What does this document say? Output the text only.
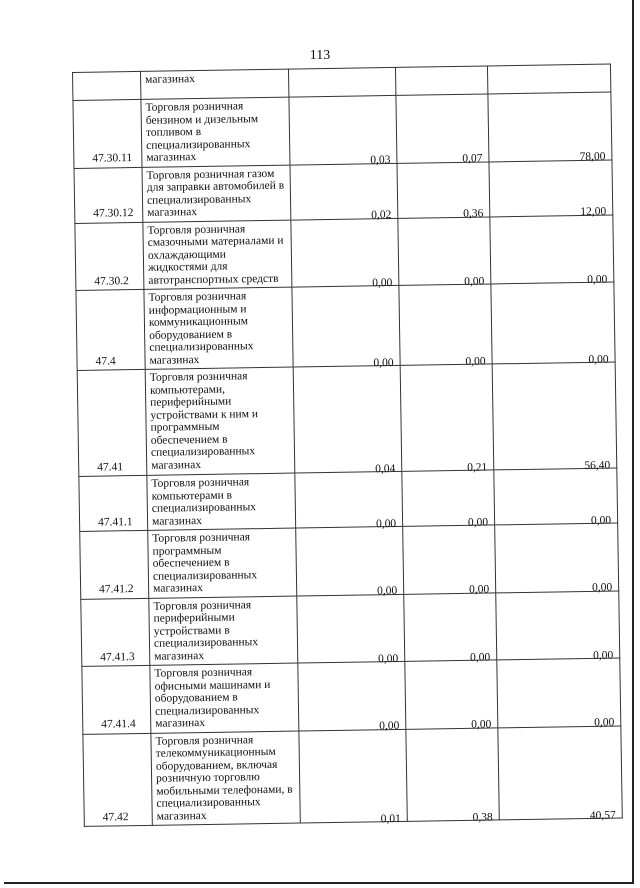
113
	магазинах			
47.30.11	Торговля розничная бензином и дизельным топливом в специализированных магазинах	0,03	0,07	78,00
47.30.12	Торговля розничная газом для заправки автомобилей в специализированных магазинах	0,02	0,36	12,00
47.30.2	Торговля розничная смазочными материалами и охлаждающими жидкостями для автотранспортных средств	0,00	0,00	0,00
47.4	Торговля розничная информационным и коммуникационным оборудованием в специализированных магазинах	0,00	0,00	0,00
47.41	Торговля розничная компьютерами, периферийными устройствами к ним и программным обеспечением в специализированных магазинах	0,04	0,21	56,40
47.41.1	Торговля розничная компьютерами в специализированных магазинах	0,00	0,00	0,00
47.41.2	Торговля розничная программным обеспечением в специализированных магазинах	0,00	0,00	0,00
47.41.3	Торговля розничная периферийными устройствами в специализированных магазинах	0,00	0,00	0,00
47.41.4	Торговля розничная офисными машинами и оборудованием в специализированных магазинах	0,00	0,00	0,00
47.42	Торговля розничная телекоммуникационным оборудованием, включая розничную торговлю мобильными телефонами, в специализированных магазинах	0,01	0,38	40,57
